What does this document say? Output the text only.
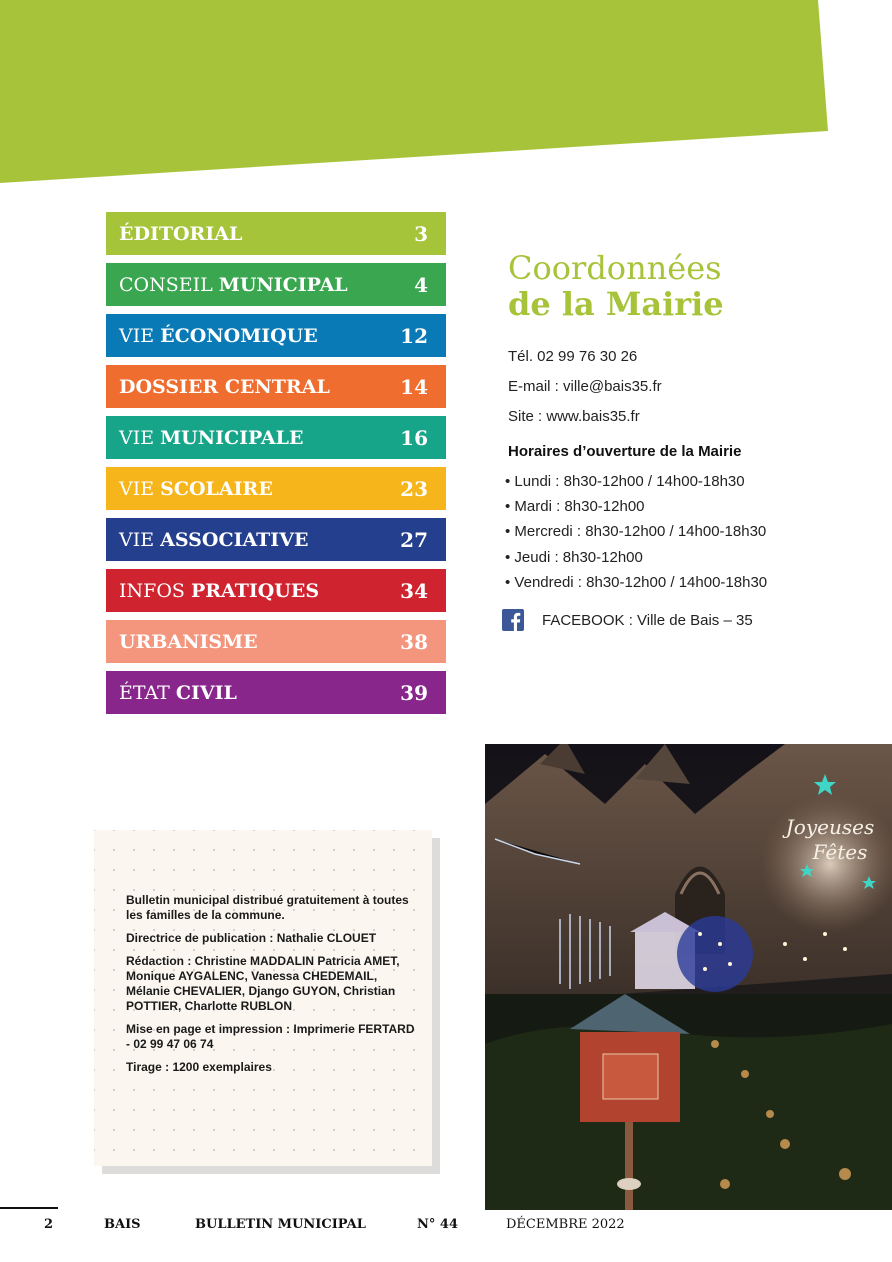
ÉDITORIAL	3
CONSEIL MUNICIPAL	4
VIE ÉCONOMIQUE	12
DOSSIER CENTRAL	14
VIE MUNICIPALE	16
VIE SCOLAIRE	23
VIE ASSOCIATIVE	27
INFOS PRATIQUES	34
URBANISME	38
ÉTAT CIVIL	39
Coordonnées
de la Mairie
Tél. 02 99 76 30 26
E-mail : ville@bais35.fr
Site : www.bais35.fr
Horaires d’ouverture de la Mairie
• Lundi : 8h30-12h00 / 14h00-18h30
• Mardi : 8h30-12h00
• Mercredi : 8h30-12h00 / 14h00-18h30
• Jeudi : 8h30-12h00
• Vendredi : 8h30-12h00 / 14h00-18h30
FACEBOOK : Ville de Bais – 35

Bulletin municipal distribué gratuitement à toutes les familles de la commune.

Directrice de publication : Nathalie CLOUET

Rédaction : Christine MADDALIN Patricia AMET, Monique AYGALENC, Vanessa CHEDEMAIL, Mélanie CHEVALIER, Django GUYON, Christian POTTIER, Charlotte RUBLON

Mise en page et impression : Imprimerie FERTARD - 02 99 47 06 74

Tirage : 1200 exemplaires

Joyeuses
Fêtes
2	BAIS	BULLETIN MUNICIPAL	N° 44	DÉCEMBRE 2022
